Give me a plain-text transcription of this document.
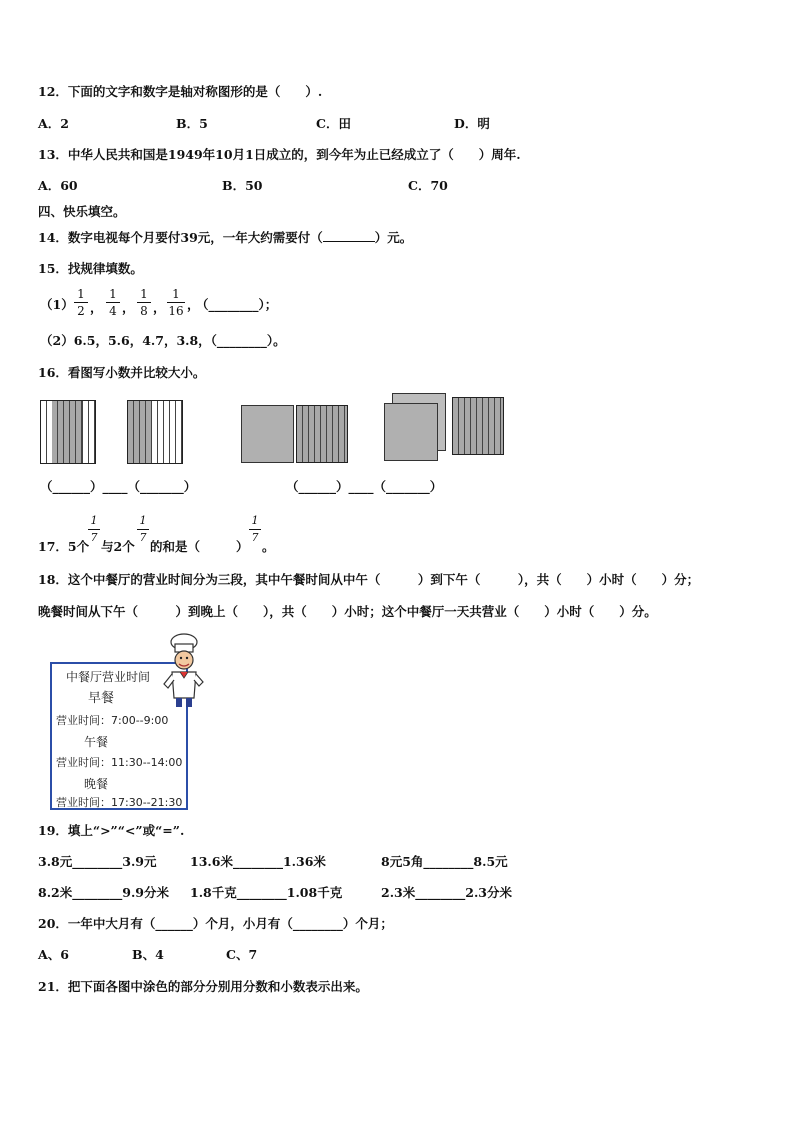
12．下面的文字和数字是轴对称图形的是（　　）.
A．2	B．5	C．田	D．明
13．中华人民共和国是1949年10月1日成立的，到今年为止已经成立了（　　）周年.
A．60	B．50	C．70
四、快乐填空。
14．数字电视每个月要付39元，一年大约需要付（	）元。
15．找规律填数。
（1）
1
2 ，
1
4 ，
1
8 ，
1
16 ，
（________）；
（2）6.5，5.6，4.7，3.8，（________）。
16．看图写小数并比较大小。
（______）____（_______）	（______）____（_______）
17．5个
1
7
与2个
1
7
的和是（	）
1
7
。
18．这个中餐厅的营业时间分为三段，其中午餐时间从中午（　　　）到下午（　　　），共（　　）小时（　　）分；
晚餐时间从下午（　　　）到晚上（　　），共（　　）小时；这个中餐厅一天共营业（　　）小时（　　）分。
中餐厅营业时间
早餐
营业时间：7:00--9:00
午餐
营业时间：11:30--14:00
晚餐
营业时间：17:30--21:30
19．填上“>”“<”或“=”.
3.8元________3.9元	13.6米________1.36米	8元5角________8.5元
8.2米________9.9分米 1.8千克________1.08千克	2.3米________2.3分米
20．一年中大月有（______）个月，小月有（________）个月；
A、6	B、4	C、7
21．把下面各图中涂色的部分分别用分数和小数表示出来。
